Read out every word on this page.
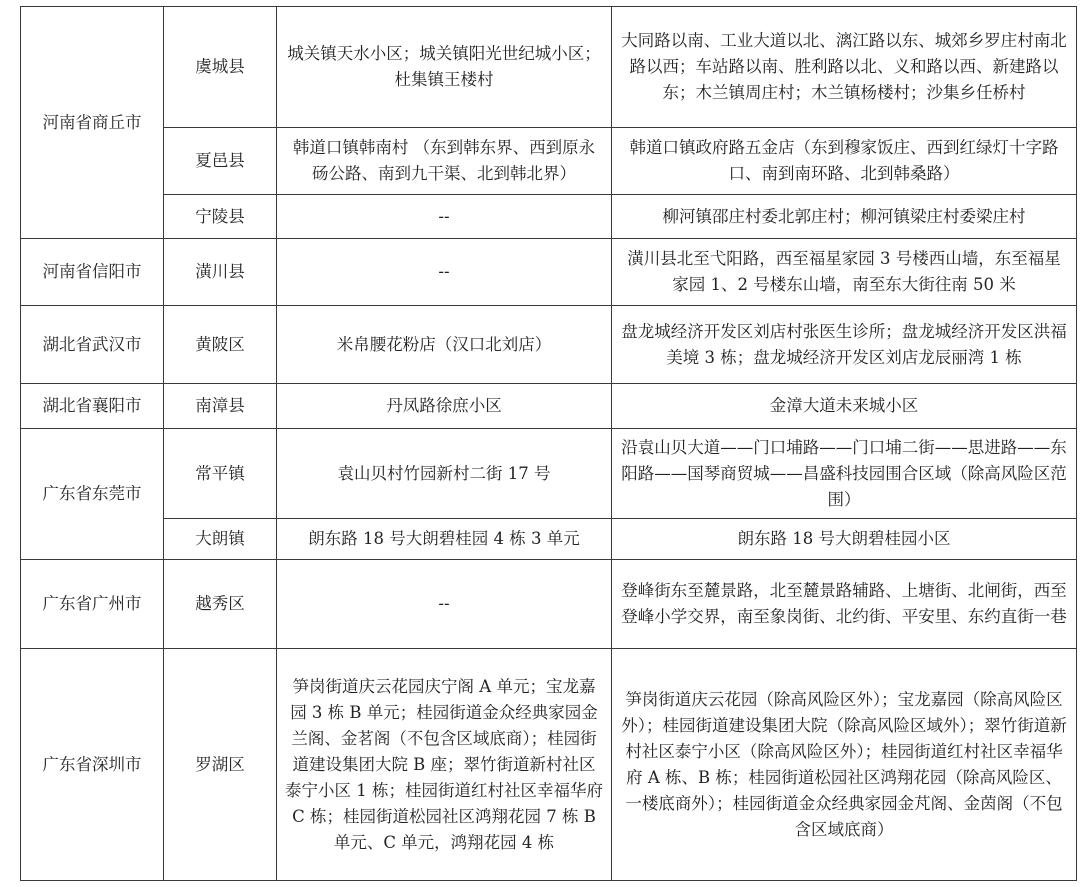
河南省商丘市	虞城县	城关镇天水小区；城关镇阳光世纪城小区；杜集镇王楼村	大同路以南、工业大道以北、漓江路以东、城郊乡罗庄村南北路以西；车站路以南、胜利路以北、义和路以西、新建路以东；木兰镇周庄村；木兰镇杨楼村；沙集乡任桥村
	夏邑县	韩道口镇韩南村 （东到韩东界、西到原永砀公路、南到九干渠、北到韩北界）	韩道口镇政府路五金店（东到穆家饭庄、西到红绿灯十字路口、南到南环路、北到韩桑路）
	宁陵县	--	柳河镇邵庄村委北郭庄村；柳河镇梁庄村委梁庄村
河南省信阳市	潢川县	--	潢川县北至弋阳路，西至福星家园 3 号楼西山墙，东至福星家园 1、2 号楼东山墙，南至东大街往南 50 米
湖北省武汉市	黄陂区	米帛腰花粉店（汉口北刘店）	盘龙城经济开发区刘店村张医生诊所；盘龙城经济开发区洪福美境 3 栋；盘龙城经济开发区刘店龙辰丽湾 1 栋
湖北省襄阳市	南漳县	丹凤路徐庶小区	金漳大道未来城小区
广东省东莞市	常平镇	袁山贝村竹园新村二街 17 号	沿袁山贝大道——门口埔路——门口埔二街——思进路——东阳路——国琴商贸城——昌盛科技园围合区域（除高风险区范围）
	大朗镇	朗东路 18 号大朗碧桂园 4 栋 3 单元	朗东路 18 号大朗碧桂园小区
广东省广州市	越秀区	--	登峰街东至麓景路，北至麓景路辅路、上塘街、北闸街，西至登峰小学交界，南至象岗街、北约街、平安里、东约直街一巷
广东省深圳市	罗湖区	笋岗街道庆云花园庆宁阁 A 单元；宝龙嘉园 3 栋 B 单元；桂园街道金众经典家园金兰阁、金茗阁（不包含区域底商）；桂园街道建设集团大院 B 座；翠竹街道新村社区泰宁小区 1 栋；桂园街道红村社区幸福华府 C 栋；桂园街道松园社区鸿翔花园 7 栋 B 单元、C 单元，鸿翔花园 4 栋	笋岗街道庆云花园（除高风险区外）；宝龙嘉园（除高风险区外）；桂园街道建设集团大院（除高风险区域外）；翠竹街道新村社区泰宁小区（除高风险区外）；桂园街道红村社区幸福华府 A 栋、B 栋；桂园街道松园社区鸿翔花园（除高风险区、一楼底商外）；桂园街道金众经典家园金芃阁、金茵阁（不包含区域底商）
